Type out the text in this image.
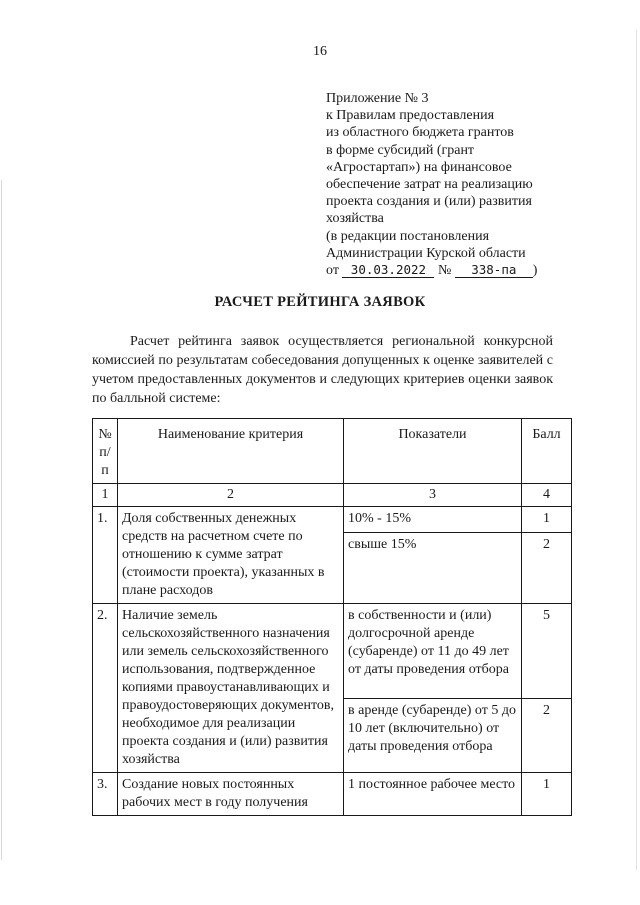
16
Приложение № 3
к Правилам предоставления
из областного бюджета грантов
в форме субсидий (грант
«Агростартап») на финансовое
обеспечение затрат на реализацию
проекта создания и (или) развития
хозяйства
(в редакции постановления
Администрации Курской области
от 30.03.2022 № 338-па )
РАСЧЕТ РЕЙТИНГА ЗАЯВОК

Расчет рейтинга заявок осуществляется региональной конкурсной комиссией по результатам собеседования допущенных к оценке заявителей с учетом предоставленных документов и следующих критериев оценки заявок по балльной системе:

№ п/п	Наименование критерия	Показатели	Балл
1	2	3	4
1.	Доля собственных денежных средств на расчетном счете по отношению к сумме затрат (стоимости проекта), указанных в плане расходов	10% - 15%	1
		свыше 15%	2
2.	Наличие земель сельскохозяйственного назначения или земель сельскохозяйственного использования, подтвержденное копиями правоустанавливающих и правоудостоверяющих документов, необходимое для реализации проекта создания и (или) развития хозяйства	в собственности и (или) долгосрочной аренде (субаренде) от 11 до 49 лет от даты проведения отбора	5
		в аренде (субаренде) от 5 до 10 лет (включительно) от даты проведения отбора	2
3.	Создание новых постоянных рабочих мест в году получения	1 постоянное рабочее место	1
